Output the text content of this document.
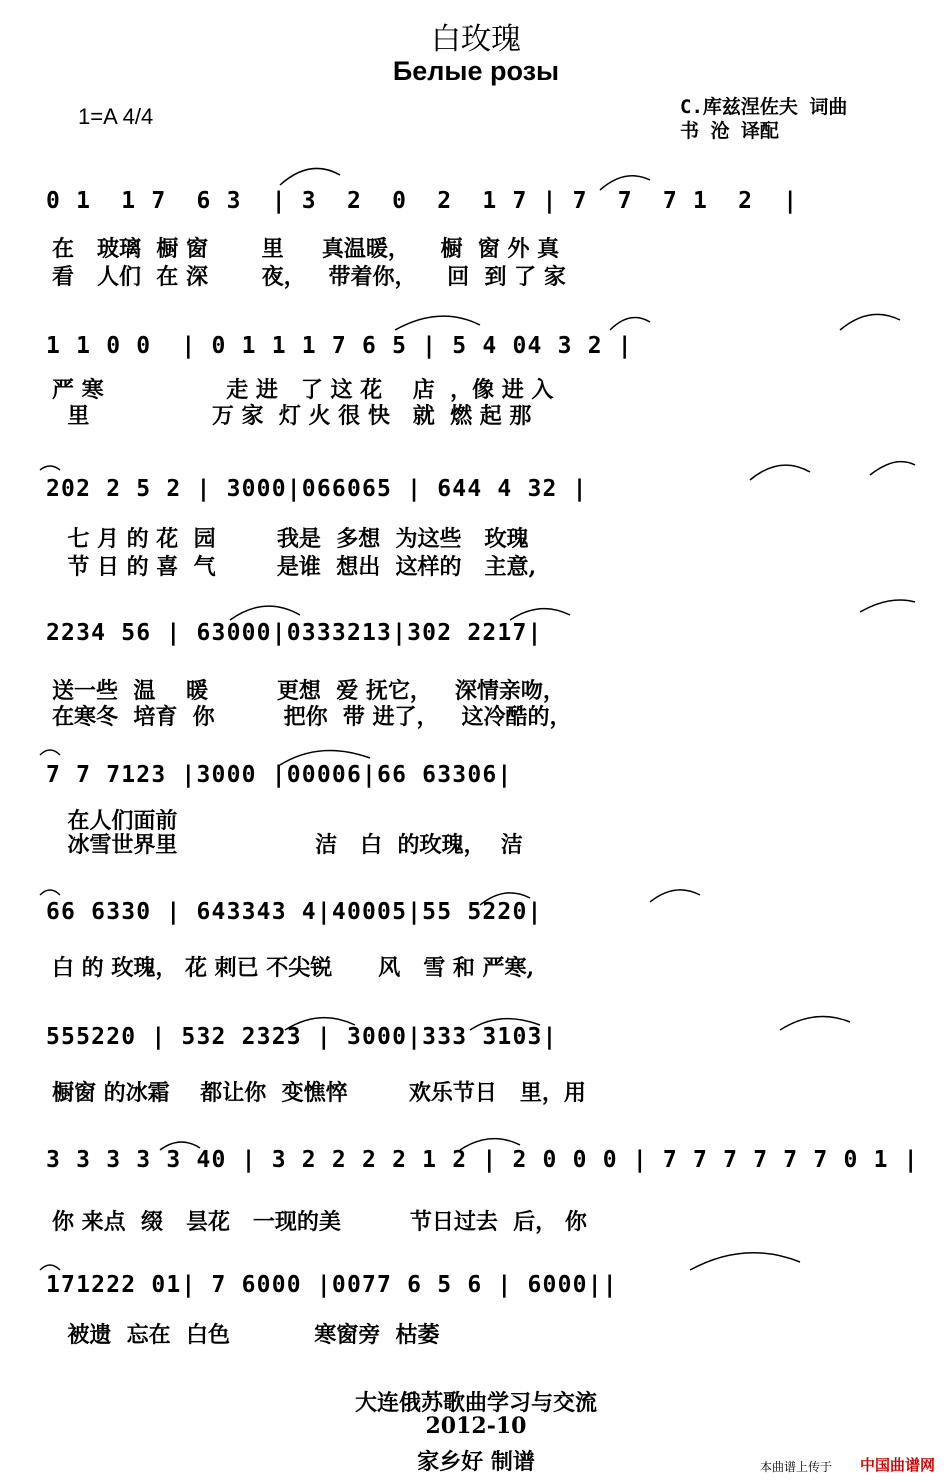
白玫瑰
Белые розы
1=A 4/4	C.库兹涅佐夫 词曲
书 沧 译配
0 1  1 7  6 3  | 3  2  0  2  1 7 | 7  7  7 1  2  |
在   玻璃  橱 窗       里     真温暖，    橱  窗 外 真
看   人们  在 深       夜，   带着你，    回  到 了 家
1 1 0 0  | 0 1 1 1 7 6 5 | 5 4 04 3 2 |
严 寒                走 进   了 这 花    店  ，像 进 入
里                万 家  灯 火 很 快   就  燃 起 那
202 2 5 2 | 3000|066065 | 644 4 32 |
七 月 的 花  园        我是  多想  为这些   玫瑰
节 日 的 喜  气        是谁  想出  这样的   主意,
2234 56 | 63000|0333213|302 2217|
送一些  温    暖         更想  爱 抚它，   深情亲吻，
在寒冬  培育  你         把你  带 进了，   这冷酷的，
7 7 7123 |3000 |00006|66 63306|
在人们面前
冰雪世界里                  洁   白  的玫瑰，  洁
66 6330 | 643343 4|40005|55 5220|
白 的 玫瑰， 花 刺已 不尖锐      风   雪 和 严寒,
555220 | 532 2323 | 3000|333 3103|
橱窗 的冰霜    都让你  变憔悴        欢乐节日   里，用
3 3 3 3 3 40 | 3 2 2 2 2 1 2 | 2 0 0 0 | 7 7 7 7 7 7 0 1 |
你 来点  缀   昙花   一现的美         节日过去  后， 你
171222 01| 7 6000 |0077 6 5 6 | 6000||
被遗  忘在  白色           寒窗旁  枯萎
大连俄苏歌曲学习与交流
2012-10
家乡好 制谱	本曲谱上传于 中国曲谱网
